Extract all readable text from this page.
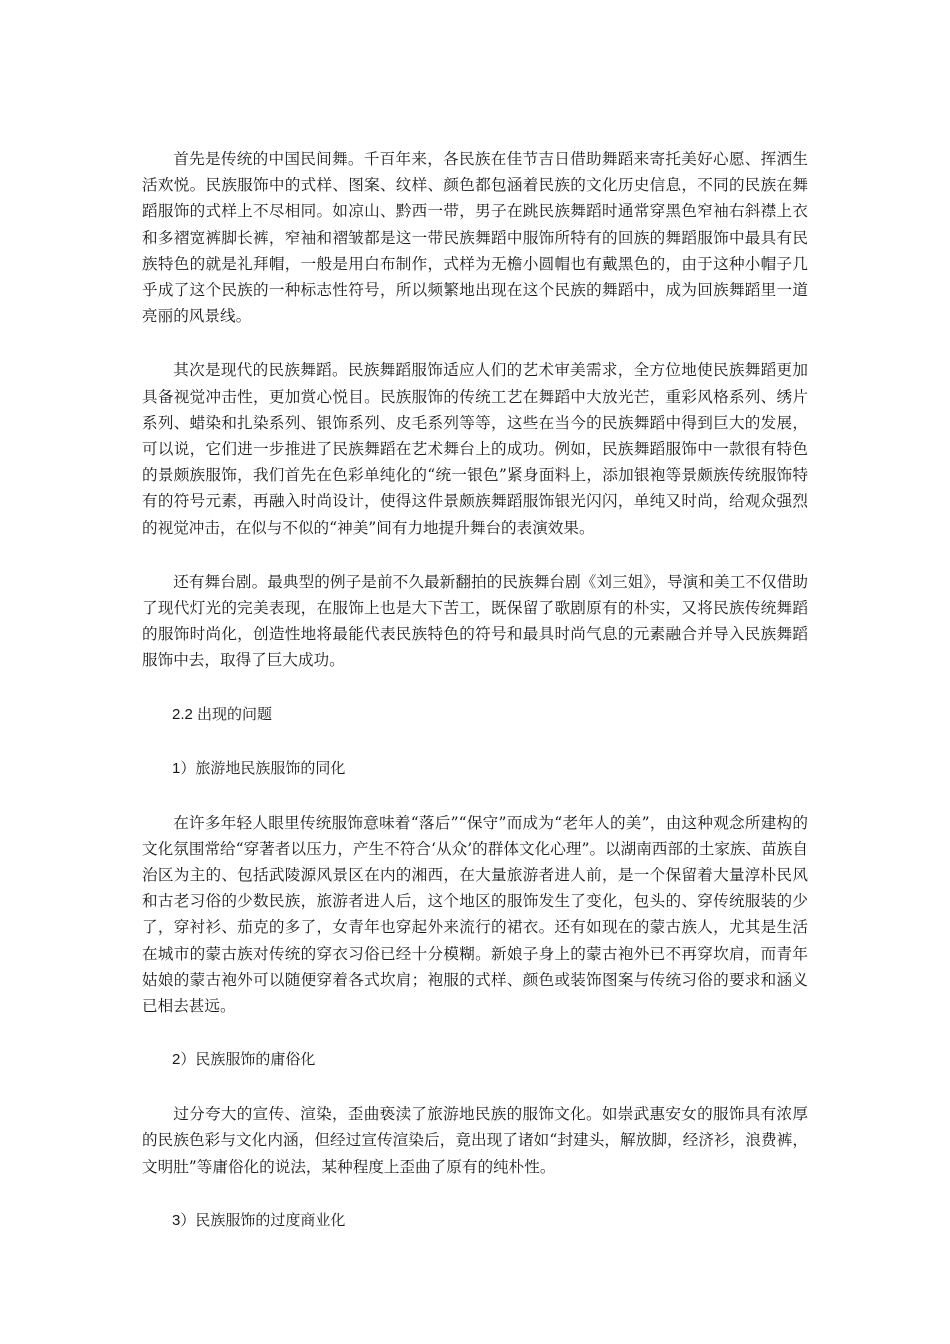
首先是传统的中国民间舞。千百年来，各民族在佳节吉日借助舞蹈来寄托美好心愿、挥洒生活欢悦。民族服饰中的式样、图案、纹样、颜色都包涵着民族的文化历史信息，不同的民族在舞蹈服饰的式样上不尽相同。如凉山、黔西一带，男子在跳民族舞蹈时通常穿黑色窄袖右斜襟上衣和多褶宽裤脚长裤，窄袖和褶皱都是这一带民族舞蹈中服饰所特有的回族的舞蹈服饰中最具有民族特色的就是礼拜帽，一般是用白布制作，式样为无檐小圆帽也有戴黑色的，由于这种小帽子几乎成了这个民族的一种标志性符号，所以频繁地出现在这个民族的舞蹈中，成为回族舞蹈里一道亮丽的风景线。

其次是现代的民族舞蹈。民族舞蹈服饰适应人们的艺术审美需求，全方位地使民族舞蹈更加具备视觉冲击性，更加赏心悦目。民族服饰的传统工艺在舞蹈中大放光芒，重彩风格系列、绣片系列、蜡染和扎染系列、银饰系列、皮毛系列等等，这些在当今的民族舞蹈中得到巨大的发展，可以说，它们进一步推进了民族舞蹈在艺术舞台上的成功。例如，民族舞蹈服饰中一款很有特色的景颇族服饰，我们首先在色彩单纯化的“统一银色”紧身面料上，添加银袍等景颇族传统服饰特有的符号元素，再融入时尚设计，使得这件景颇族舞蹈服饰银光闪闪，单纯又时尚，给观众强烈的视觉冲击，在似与不似的“神美”间有力地提升舞台的表演效果。

还有舞台剧。最典型的例子是前不久最新翻拍的民族舞台剧《刘三姐》，导演和美工不仅借助了现代灯光的完美表现，在服饰上也是大下苦工，既保留了歌剧原有的朴实，又将民族传统舞蹈的服饰时尚化，创造性地将最能代表民族特色的符号和最具时尚气息的元素融合并导入民族舞蹈服饰中去，取得了巨大成功。

2.2 出现的问题
1）旅游地民族服饰的同化

在许多年轻人眼里传统服饰意味着“落后”“保守”而成为“老年人的美”，由这种观念所建构的文化氛围常给“穿著者以压力，产生不符合‘从众’的群体文化心理”。以湖南西部的土家族、苗族自治区为主的、包括武陵源风景区在内的湘西，在大量旅游者进人前，是一个保留着大量淳朴民风和古老习俗的少数民族，旅游者进人后，这个地区的服饰发生了变化，包头的、穿传统服装的少了，穿衬衫、茄克的多了，女青年也穿起外来流行的裙衣。还有如现在的蒙古族人，尤其是生活在城市的蒙古族对传统的穿衣习俗已经十分模糊。新娘子身上的蒙古袍外已不再穿坎肩，而青年姑娘的蒙古袍外可以随便穿着各式坎肩；袍服的式样、颜色或装饰图案与传统习俗的要求和涵义已相去甚远。

2）民族服饰的庸俗化

过分夸大的宣传、渲染，歪曲亵渎了旅游地民族的服饰文化。如崇武惠安女的服饰具有浓厚的民族色彩与文化内涵，但经过宣传渲染后，竟出现了诸如“封建头，解放脚，经济衫，浪费裤，文明肚”等庸俗化的说法，某种程度上歪曲了原有的纯朴性。

3）民族服饰的过度商业化
